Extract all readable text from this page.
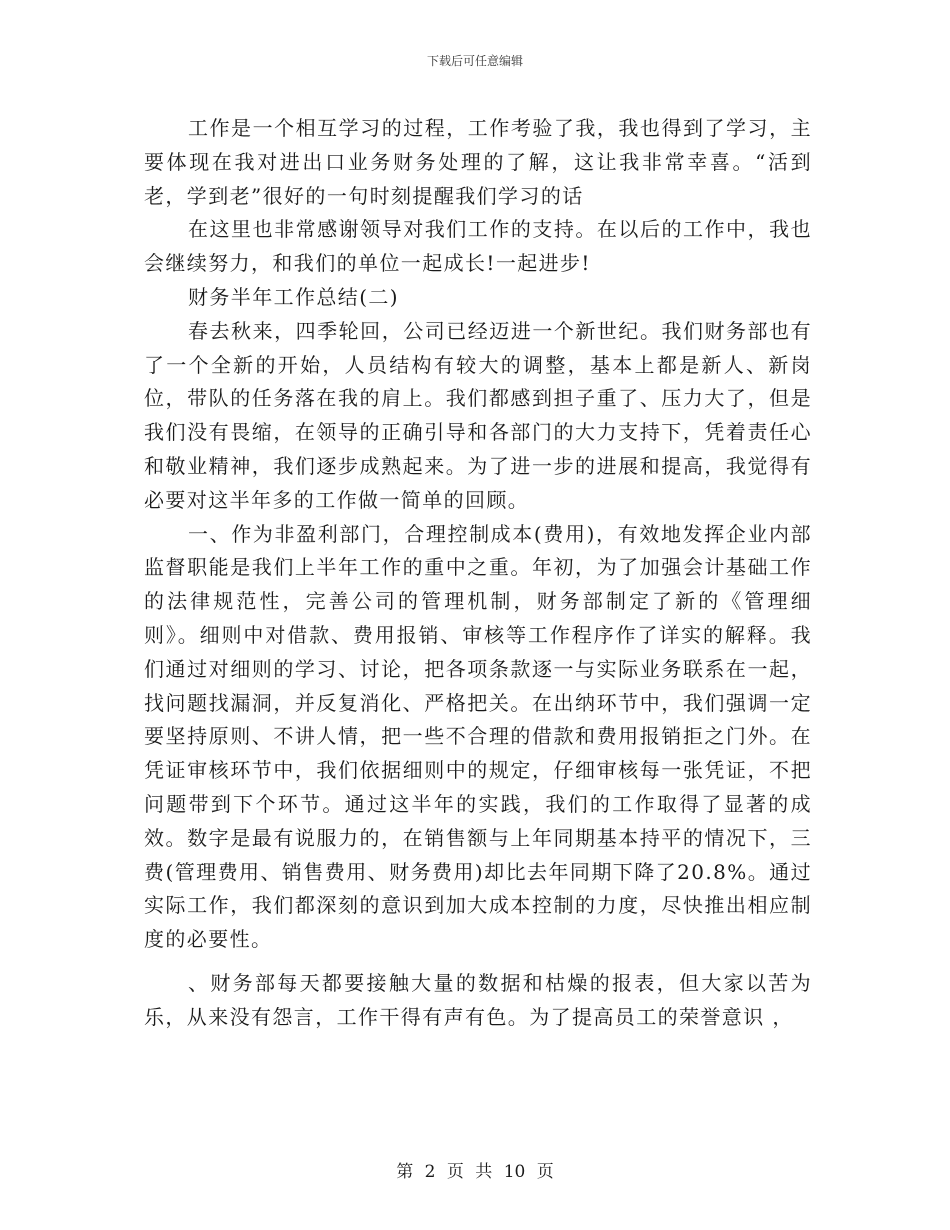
下载后可任意编辑

工作是一个相互学习的过程，工作考验了我，我也得到了学习，主要体现在我对进出口业务财务处理的了解，这让我非常幸喜。“活到老，学到老”很好的一句时刻提醒我们学习的话

在这里也非常感谢领导对我们工作的支持。在以后的工作中，我也会继续努力，和我们的单位一起成长!一起进步!

财务半年工作总结(二)

春去秋来，四季轮回，公司已经迈进一个新世纪。我们财务部也有了一个全新的开始，人员结构有较大的调整，基本上都是新人、新岗位，带队的任务落在我的肩上。我们都感到担子重了、压力大了，但是我们没有畏缩，在领导的正确引导和各部门的大力支持下，凭着责任心和敬业精神，我们逐步成熟起来。为了进一步的进展和提高，我觉得有必要对这半年多的工作做一简单的回顾。

一、作为非盈利部门，合理控制成本(费用)，有效地发挥企业内部监督职能是我们上半年工作的重中之重。年初，为了加强会计基础工作的法律规范性，完善公司的管理机制，财务部制定了新的《管理细则》。细则中对借款、费用报销、审核等工作程序作了详实的解释。我们通过对细则的学习、讨论，把各项条款逐一与实际业务联系在一起，找问题找漏洞，并反复消化、严格把关。在出纳环节中，我们强调一定要坚持原则、不讲人情，把一些不合理的借款和费用报销拒之门外。在凭证审核环节中，我们依据细则中的规定，仔细审核每一张凭证，不把问题带到下个环节。通过这半年的实践，我们的工作取得了显著的成效。数字是最有说服力的，在销售额与上年同期基本持平的情况下，三费(管理费用、销售费用、财务费用)却比去年同期下降了20.8%。通过实际工作，我们都深刻的意识到加大成本控制的力度，尽快推出相应制度的必要性。

、财务部每天都要接触大量的数据和枯燥的报表，但大家以苦为乐，从来没有怨言，工作干得有声有色。为了提高员工的荣誉意识 ，

第 2 页 共 10 页
